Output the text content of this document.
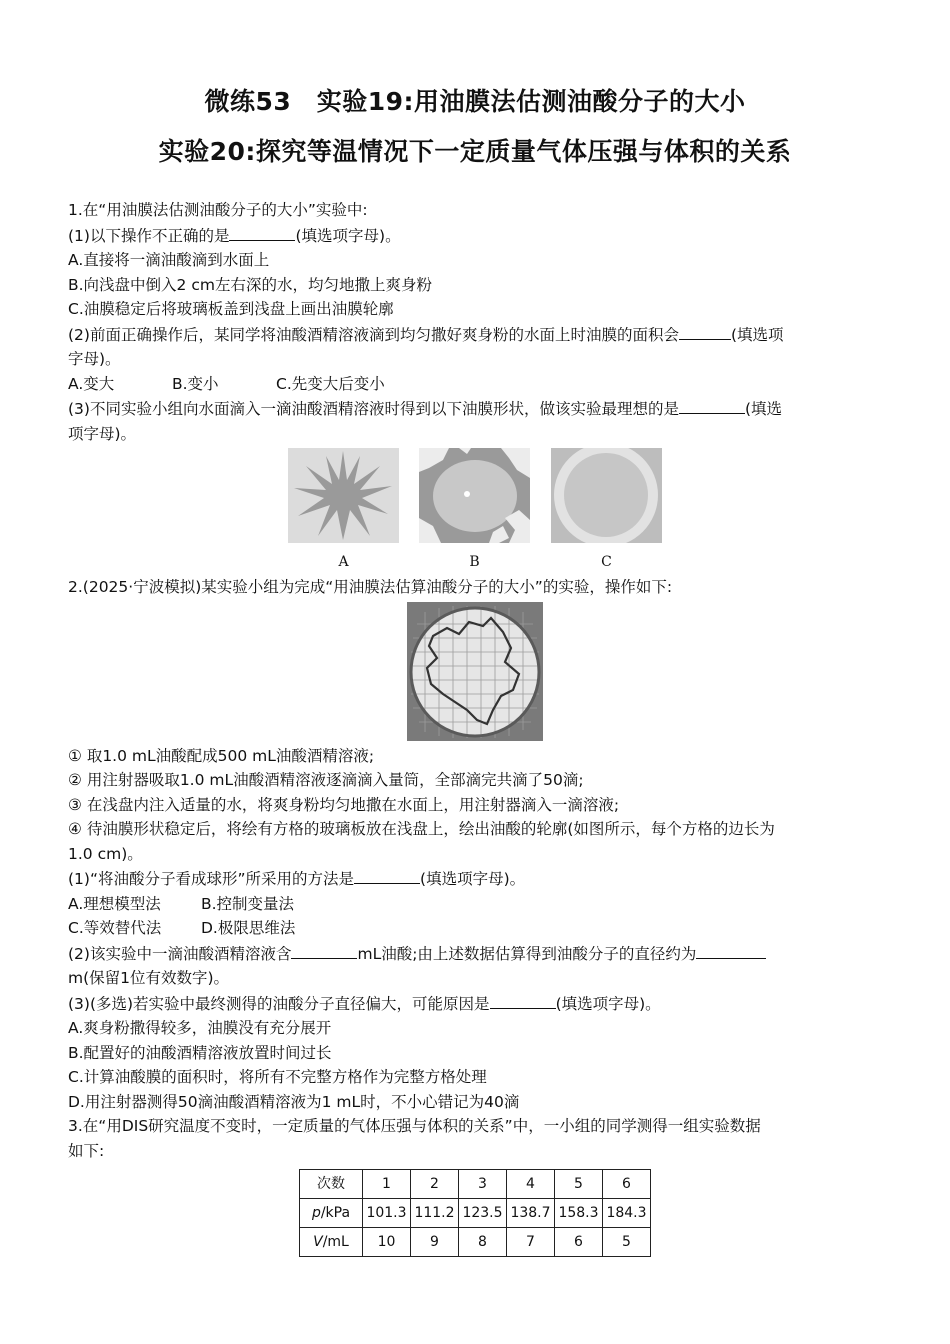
微练53　实验19:用油膜法估测油酸分子的大小
实验20:探究等温情况下一定质量气体压强与体积的关系

1.在“用油膜法估测油酸分子的大小”实验中:

(1)以下操作不正确的是	(填选项字母)。

A.直接将一滴油酸滴到水面上

B.向浅盘中倒入2 cm左右深的水，均匀地撒上爽身粉

C.油膜稳定后将玻璃板盖到浅盘上画出油膜轮廓

(2)前面正确操作后，某同学将油酸酒精溶液滴到均匀撒好爽身粉的水面上时油膜的面积会	(填选项

字母)。

A.变大	B.变小	C.先变大后变小

(3)不同实验小组向水面滴入一滴油酸酒精溶液时得到以下油膜形状，做该实验最理想的是	(填选

项字母)。

A	B	C

2.(2025·宁波模拟)某实验小组为完成“用油膜法估算油酸分子的大小”的实验，操作如下:

① 取1.0 mL油酸配成500 mL油酸酒精溶液;

② 用注射器吸取1.0 mL油酸酒精溶液逐滴滴入量筒，全部滴完共滴了50滴;

③ 在浅盘内注入适量的水，将爽身粉均匀地撒在水面上，用注射器滴入一滴溶液;

④ 待油膜形状稳定后，将绘有方格的玻璃板放在浅盘上，绘出油酸的轮廓(如图所示，每个方格的边长为

1.0 cm)。

(1)“将油酸分子看成球形”所采用的方法是	(填选项字母)。

A.理想模型法	B.控制变量法

C.等效替代法	D.极限思维法

(2)该实验中一滴油酸酒精溶液含	mL油酸;由上述数据估算得到油酸分子的直径约为

m(保留1位有效数字)。

(3)(多选)若实验中最终测得的油酸分子直径偏大，可能原因是	(填选项字母)。

A.爽身粉撒得较多，油膜没有充分展开

B.配置好的油酸酒精溶液放置时间过长

C.计算油酸膜的面积时，将所有不完整方格作为完整方格处理

D.用注射器测得50滴油酸酒精溶液为1 mL时，不小心错记为40滴

3.在“用DIS研究温度不变时，一定质量的气体压强与体积的关系”中，一小组的同学测得一组实验数据

如下:

次数	1	2	3	4	5	6
p/kPa	101.3	111.2	123.5	138.7	158.3	184.3
V/mL	10	9	8	7	6	5
